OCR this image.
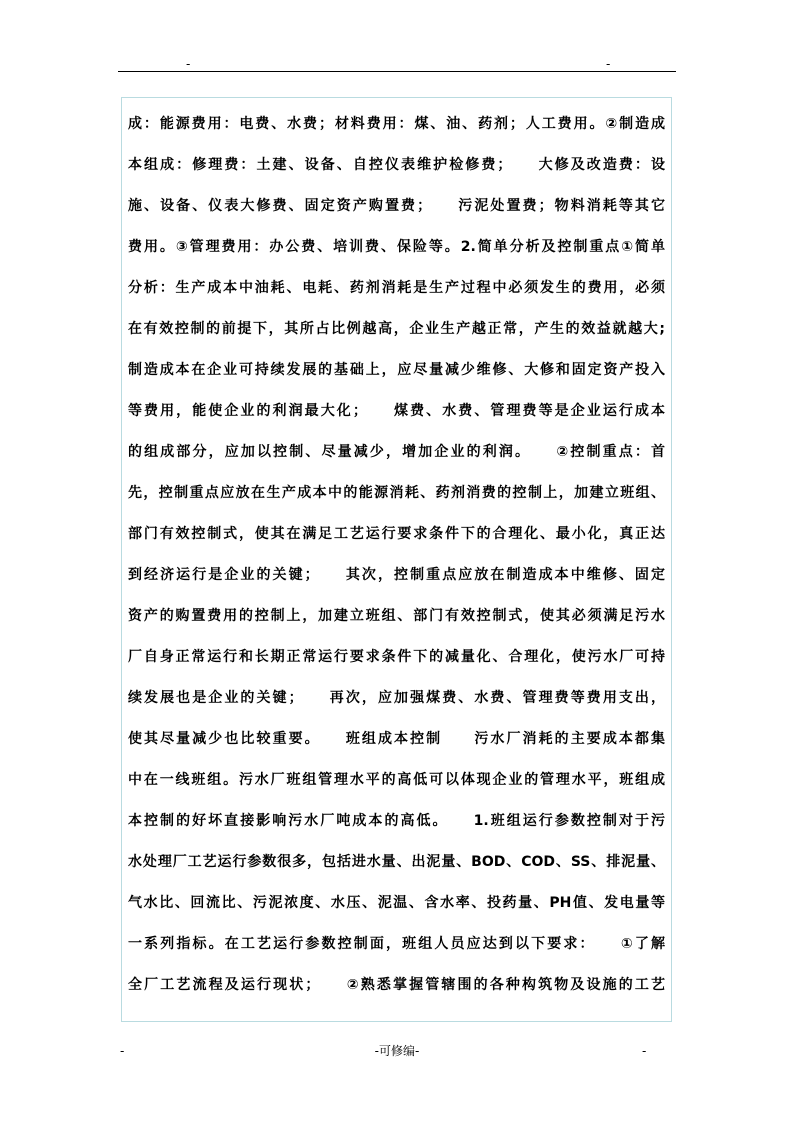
-	-
成：能源费用：电费、水费；材料费用：煤、油、药剂；人工费用。②制造成
本组成：修理费：土建、设备、自控仪表维护检修费；　　大修及改造费：设
施、设备、仪表大修费、固定资产购置费；　　污泥处置费；物料消耗等其它
费用。③管理费用：办公费、培训费、保险等。2.简单分析及控制重点①简单
分析：生产成本中油耗、电耗、药剂消耗是生产过程中必须发生的费用，必须
在有效控制的前提下，其所占比例越高，企业生产越正常，产生的效益就越大;
制造成本在企业可持续发展的基础上，应尽量减少维修、大修和固定资产投入
等费用，能使企业的利润最大化；　　煤费、水费、管理费等是企业运行成本
的组成部分，应加以控制、尽量减少，增加企业的利润。　　②控制重点：首
先，控制重点应放在生产成本中的能源消耗、药剂消费的控制上，加建立班组、
部门有效控制式，使其在满足工艺运行要求条件下的合理化、最小化，真正达
到经济运行是企业的关键；　　其次，控制重点应放在制造成本中维修、固定
资产的购置费用的控制上，加建立班组、部门有效控制式，使其必须满足污水
厂自身正常运行和长期正常运行要求条件下的减量化、合理化，使污水厂可持
续发展也是企业的关键；　　再次，应加强煤费、水费、管理费等费用支出，
使其尽量减少也比较重要。　　班组成本控制　　污水厂消耗的主要成本都集
中在一线班组。污水厂班组管理水平的高低可以体现企业的管理水平，班组成
本控制的好坏直接影响污水厂吨成本的高低。　　1.班组运行参数控制对于污
水处理厂工艺运行参数很多，包括进水量、出泥量、BOD、COD、SS、排泥量、
气水比、回流比、污泥浓度、水压、泥温、含水率、投药量、PH值、发电量等
一系列指标。在工艺运行参数控制面，班组人员应达到以下要求：　　①了解
全厂工艺流程及运行现状；　　②熟悉掌握管辖围的各种构筑物及设施的工艺
-	-可修编-	-
